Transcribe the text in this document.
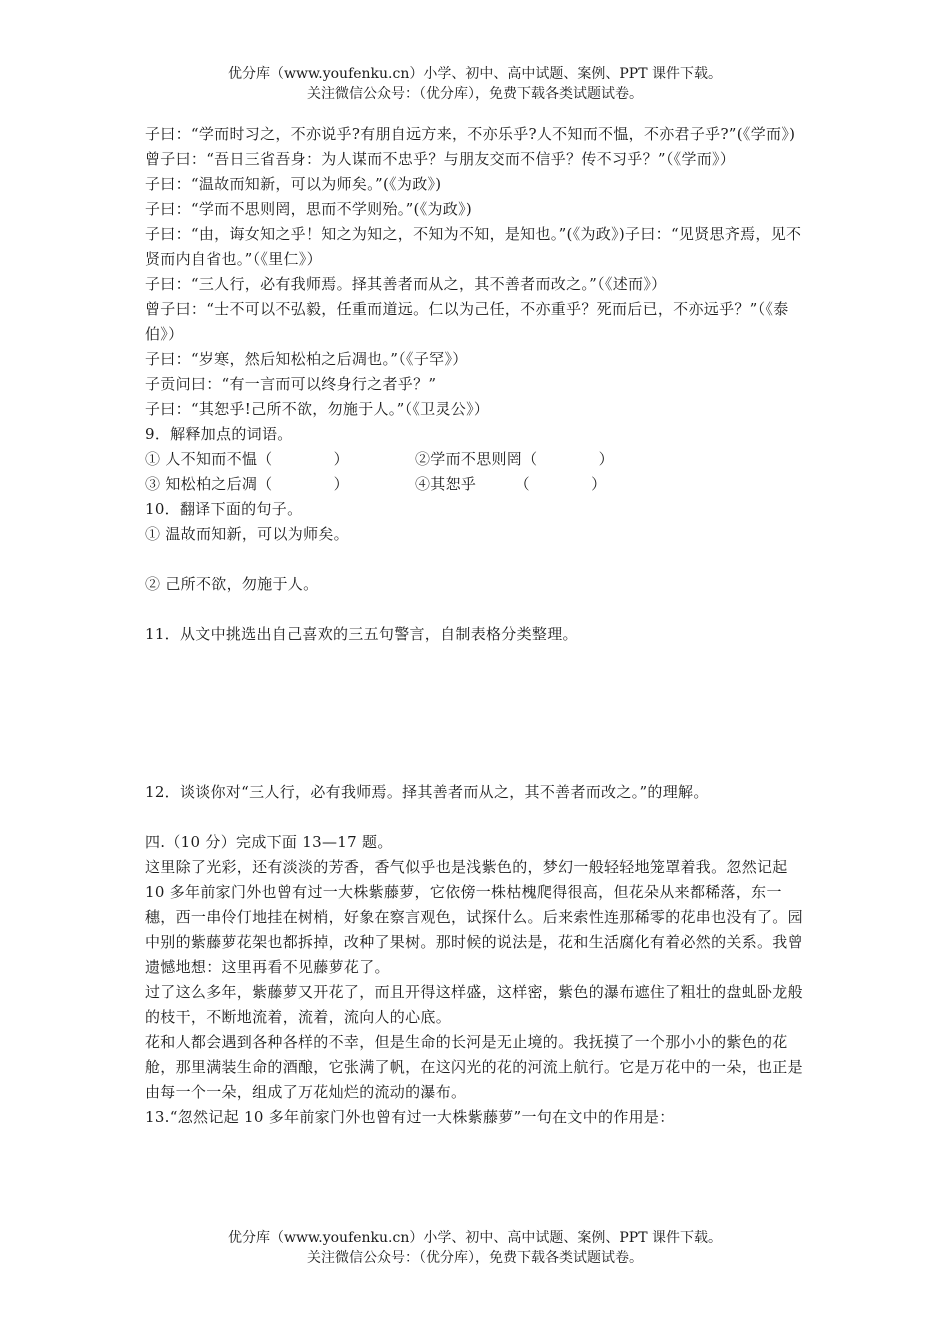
优分库（www.youfenku.cn）小学、初中、高中试题、案例、PPT 课件下载。
关注微信公众号：（优分库），免费下载各类试题试卷。

子曰：“学而时习之，不亦说乎?有朋自远方来，不亦乐乎?人不知而不愠，不亦君子乎?”(《学而》)

曾子曰：“吾日三省吾身：为人谋而不忠乎？与朋友交而不信乎？传不习乎？”（《学而》）

子曰：“温故而知新，可以为师矣。”(《为政》)

子曰：“学而不思则罔，思而不学则殆。”(《为政》)

子曰：“由，诲女知之乎！知之为知之，不知为不知，是知也。”(《为政》)子曰：“见贤思齐焉，见不贤而内自省也。”（《里仁》）

子曰：“三人行，必有我师焉。择其善者而从之，其不善者而改之。”（《述而》）

曾子曰：“士不可以不弘毅，任重而道远。仁以为己任，不亦重乎？死而后已，不亦远乎？”（《泰伯》）

子曰：“岁寒，然后知松柏之后凋也。”（《子罕》）

子贡问曰：“有一言而可以终身行之者乎？”

子曰：“其恕乎!己所不欲，勿施于人。”（《卫灵公》）

9．解释加点的词语。

① 人不知而不愠（　　　　）	②学而不思则罔（　　　　）
③ 知松柏之后凋（　　　　）	④其恕乎　　　（　　　　）

10．翻译下面的句子。

① 温故而知新，可以为师矣。

② 己所不欲，勿施于人。

11．从文中挑选出自己喜欢的三五句警言，自制表格分类整理。

12．谈谈你对“三人行，必有我师焉。择其善者而从之，其不善者而改之。”的理解。

四.（10 分）完成下面 13—17 题。

这里除了光彩，还有淡淡的芳香，香气似乎也是浅紫色的，梦幻一般轻轻地笼罩着我。忽然记起 10 多年前家门外也曾有过一大株紫藤萝，它依傍一株枯槐爬得很高，但花朵从来都稀落，东一穗，西一串伶仃地挂在树梢，好象在察言观色，试探什么。后来索性连那稀零的花串也没有了。园中别的紫藤萝花架也都拆掉，改种了果树。那时候的说法是，花和生活腐化有着必然的关系。我曾遗憾地想：这里再看不见藤萝花了。

过了这么多年，紫藤萝又开花了，而且开得这样盛，这样密，紫色的瀑布遮住了粗壮的盘虬卧龙般的枝干，不断地流着，流着，流向人的心底。

花和人都会遇到各种各样的不幸，但是生命的长河是无止境的。我抚摸了一个那小小的紫色的花舱，那里满装生命的酒酿，它张满了帆，在这闪光的花的河流上航行。它是万花中的一朵，也正是由每一个一朵，组成了万花灿烂的流动的瀑布。

13.“忽然记起 10 多年前家门外也曾有过一大株紫藤萝”一句在文中的作用是：

优分库（www.youfenku.cn）小学、初中、高中试题、案例、PPT 课件下载。
关注微信公众号：（优分库），免费下载各类试题试卷。
